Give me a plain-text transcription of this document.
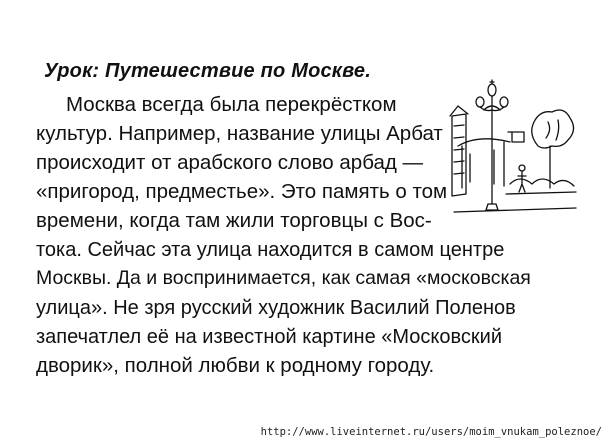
Урок: Путешествие по Москве.
Москва всегда была перекрёстком
культур. Например, название улицы Арбат
происходит от арабского слово арбад —
«пригород, предместье». Это память о том
времени, когда там жили торговцы с Вос-
тока. Сейчас эта улица находится в самом центре
Москвы. Да и воспринимается, как самая «московская
улица». Не зря русский художник Василий Поленов
запечатлел её на известной картине «Московский
дворик», полной любви к родному городу.
http://www.liveinternet.ru/users/moim_vnukam_poleznoe/
